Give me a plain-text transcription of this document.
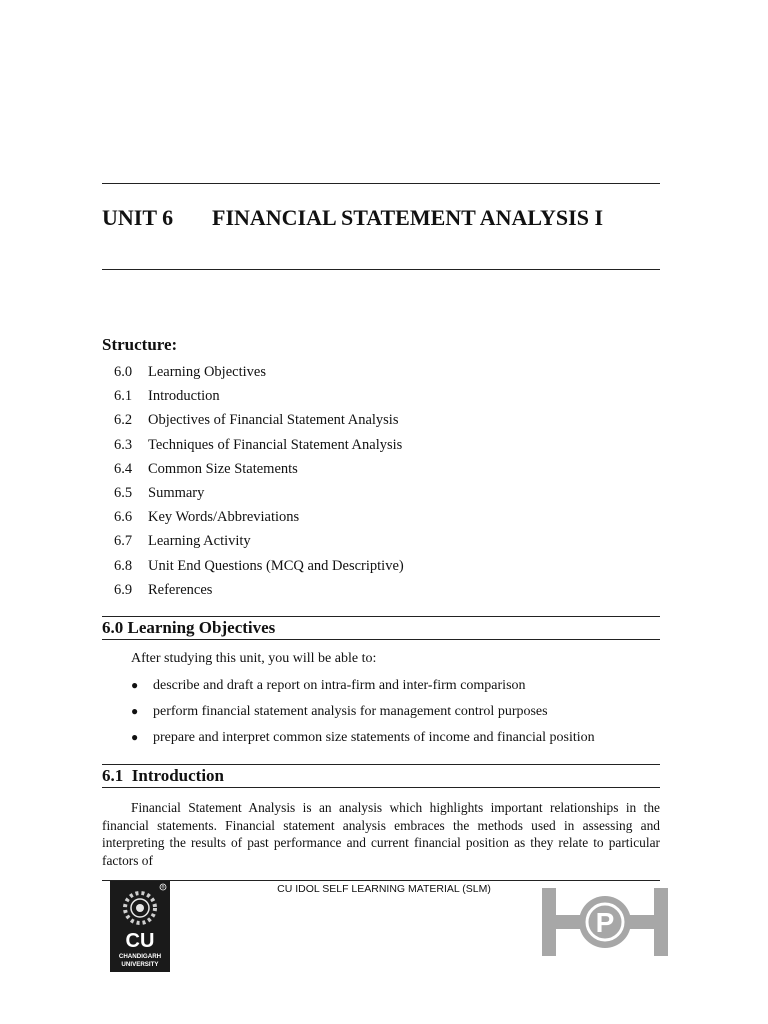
UNIT 6 FINANCIAL STATEMENT ANALYSIS I
Structure:
6.0 Learning Objectives
6.1 Introduction
6.2 Objectives of Financial Statement Analysis
6.3 Techniques of Financial Statement Analysis
6.4 Common Size Statements
6.5 Summary
6.6 Key Words/Abbreviations
6.7 Learning Activity
6.8 Unit End Questions (MCQ and Descriptive)
6.9 References
6.0 Learning Objectives

After studying this unit, you will be able to:

● describe and draft a report on intra-firm and inter-firm comparison
● perform financial statement analysis for management control purposes
● prepare and interpret common size statements of income and financial position
6.1  Introduction

Financial Statement Analysis is an analysis which highlights important relationships in the financial statements. Financial statement analysis embraces the methods used in assessing and interpreting the results of past performance and current financial position as they relate to particular factors of

CU IDOL SELF LEARNING MATERIAL (SLM)
®
CU
CHANDIGARH
UNIVERSITY
P
